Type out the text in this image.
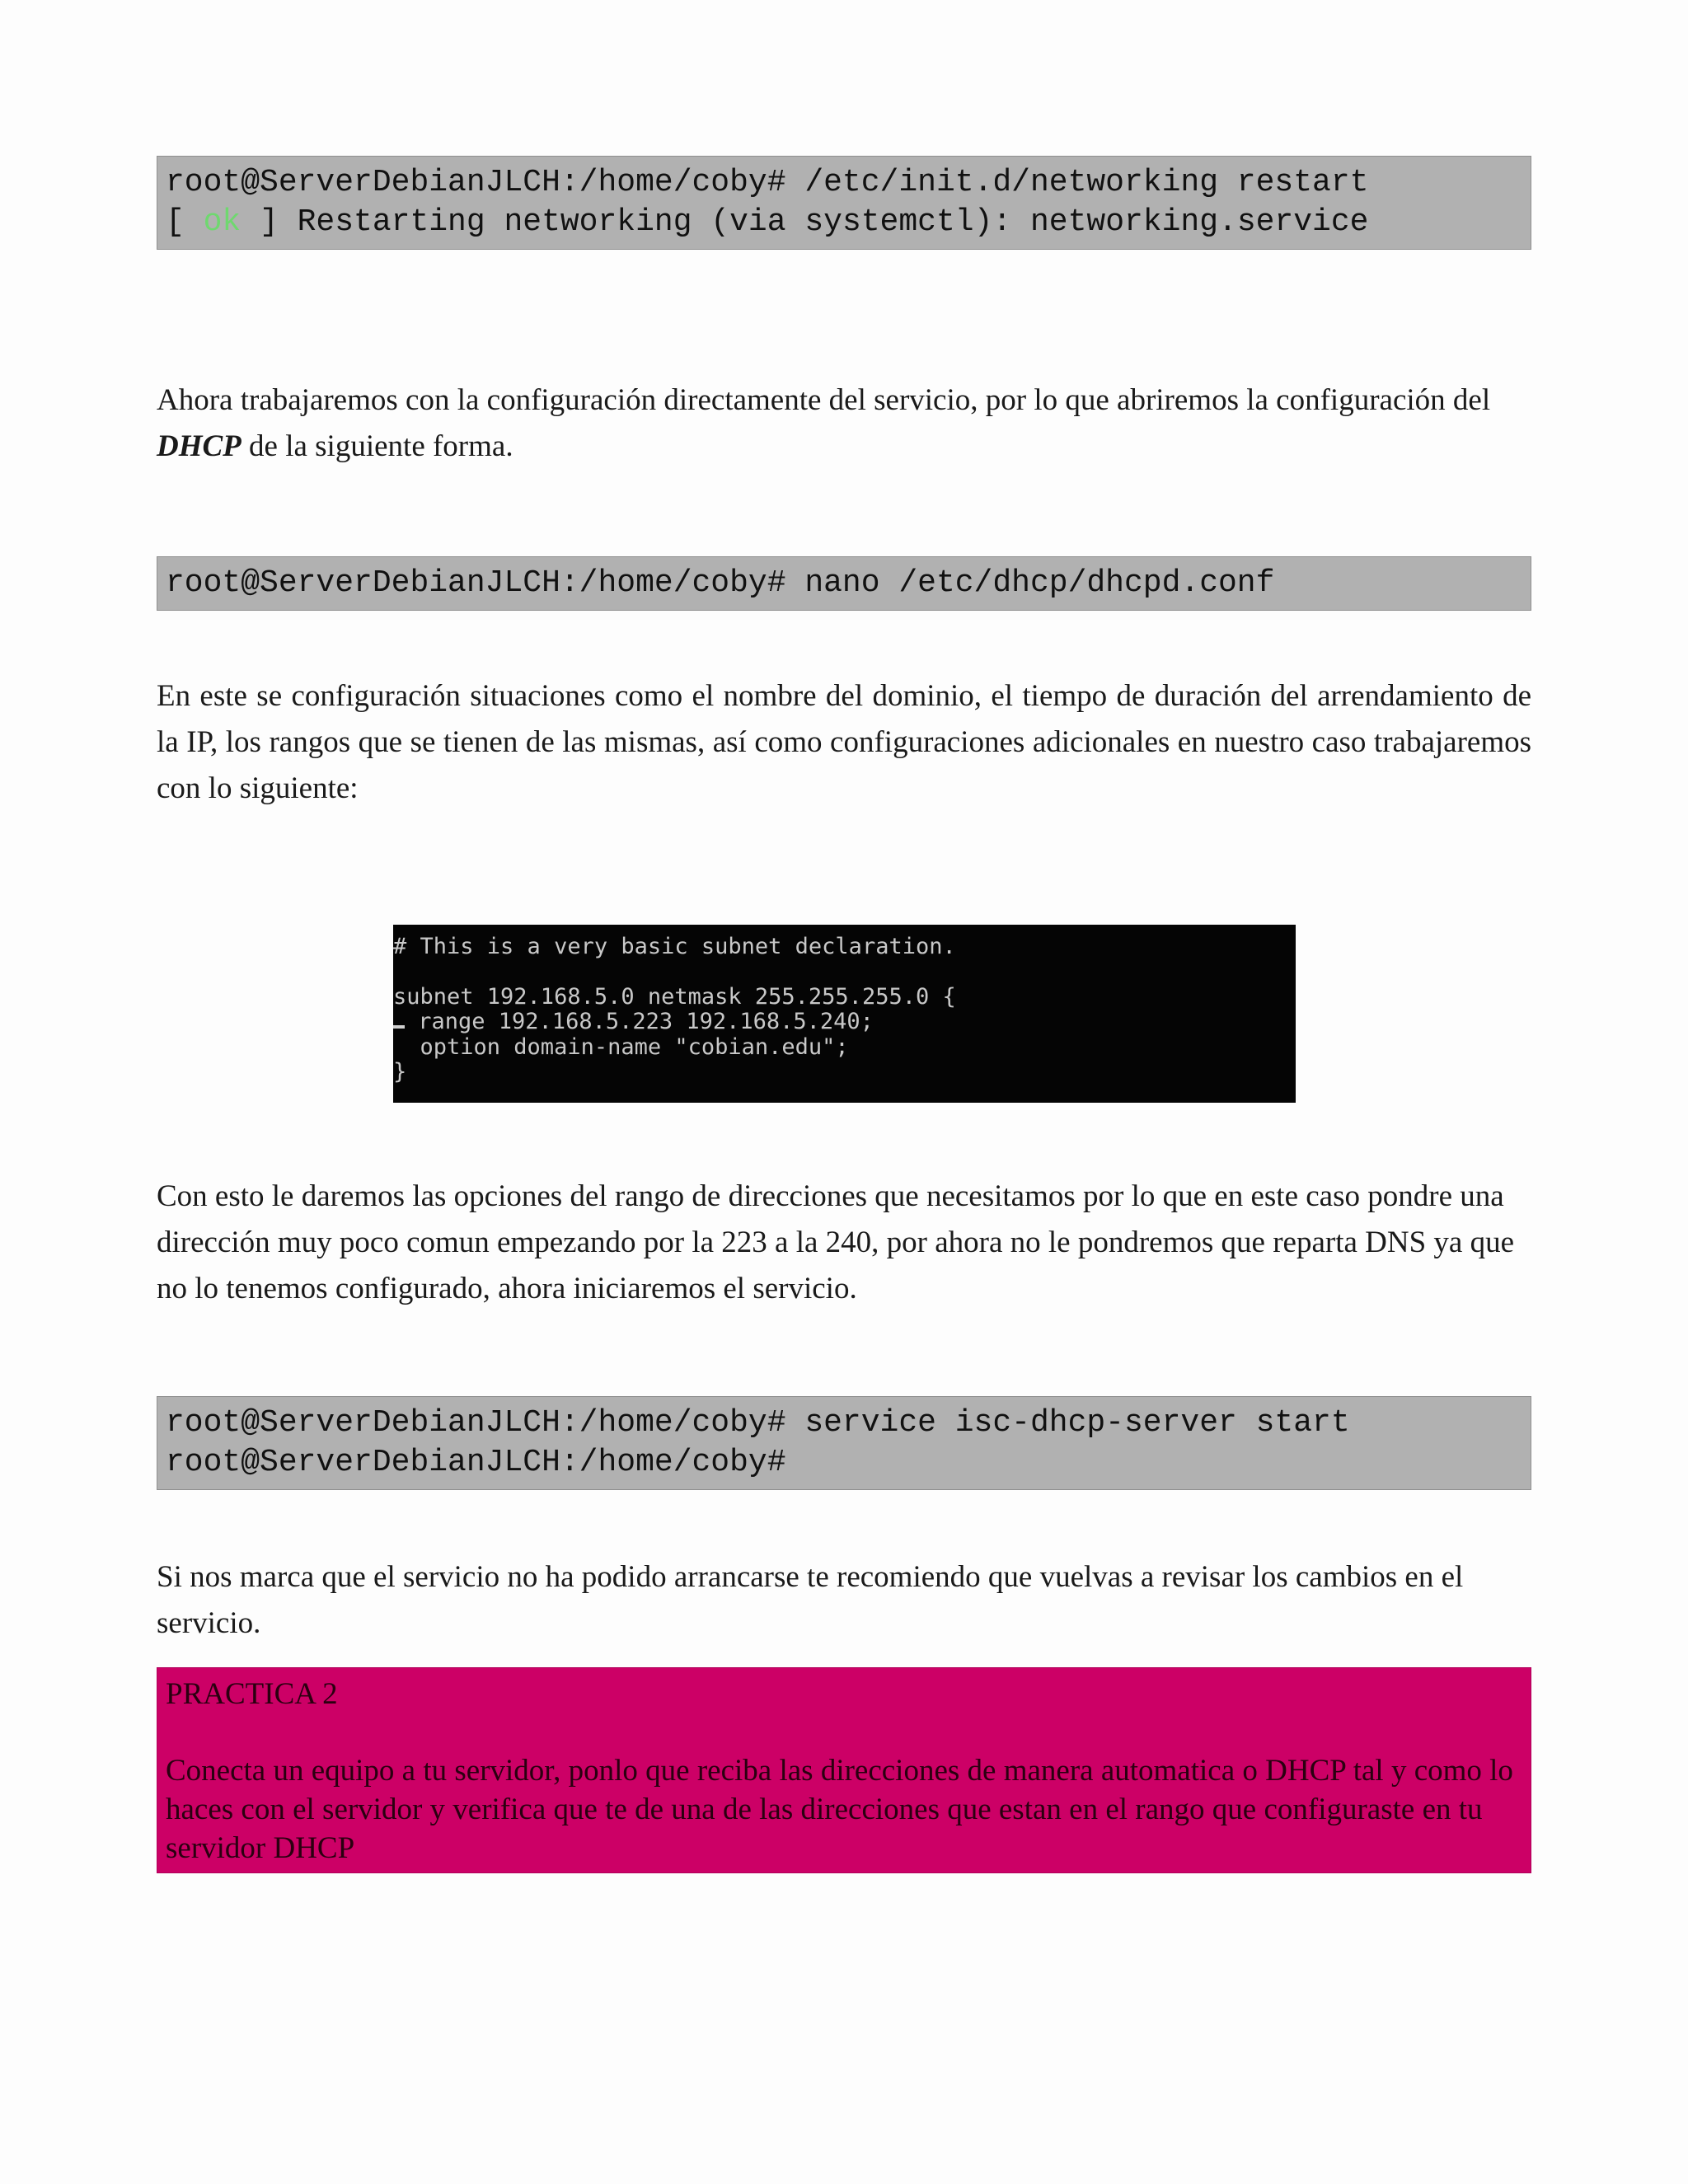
root@ServerDebianJLCH:/home/coby# /etc/init.d/networking restart
[ ok ] Restarting networking (via systemctl): networking.service

Ahora trabajaremos con la configuración directamente del servicio, por lo que abriremos la configuración del DHCP de la siguiente forma.

root@ServerDebianJLCH:/home/coby# nano /etc/dhcp/dhcpd.conf

En este se configuración situaciones como el nombre del dominio, el tiempo de duración del arrendamiento de la IP, los rangos que se tienen de las mismas, así como configuraciones adicionales en nuestro caso trabajaremos con lo siguiente:

# This is a very basic subnet declaration.
subnet 192.168.5.0 netmask 255.255.255.0 {
range 192.168.5.223 192.168.5.240;
option domain-name "cobian.edu";
}

Con esto le daremos las opciones del rango de direcciones que necesitamos por lo que en este caso pondre una dirección muy poco comun empezando por la 223 a la 240, por ahora no le pondremos que reparta DNS ya que no lo tenemos configurado, ahora iniciaremos el servicio.

root@ServerDebianJLCH:/home/coby# service isc-dhcp-server start
root@ServerDebianJLCH:/home/coby#

Si nos marca que el servicio no ha podido arrancarse te recomiendo que vuelvas a revisar los cambios en el servicio.

PRACTICA 2
Conecta un equipo a tu servidor, ponlo que reciba las direcciones de manera automatica o DHCP tal y como lo haces con el servidor y verifica que te de una de las direcciones que estan en el rango que configuraste en tu servidor DHCP
